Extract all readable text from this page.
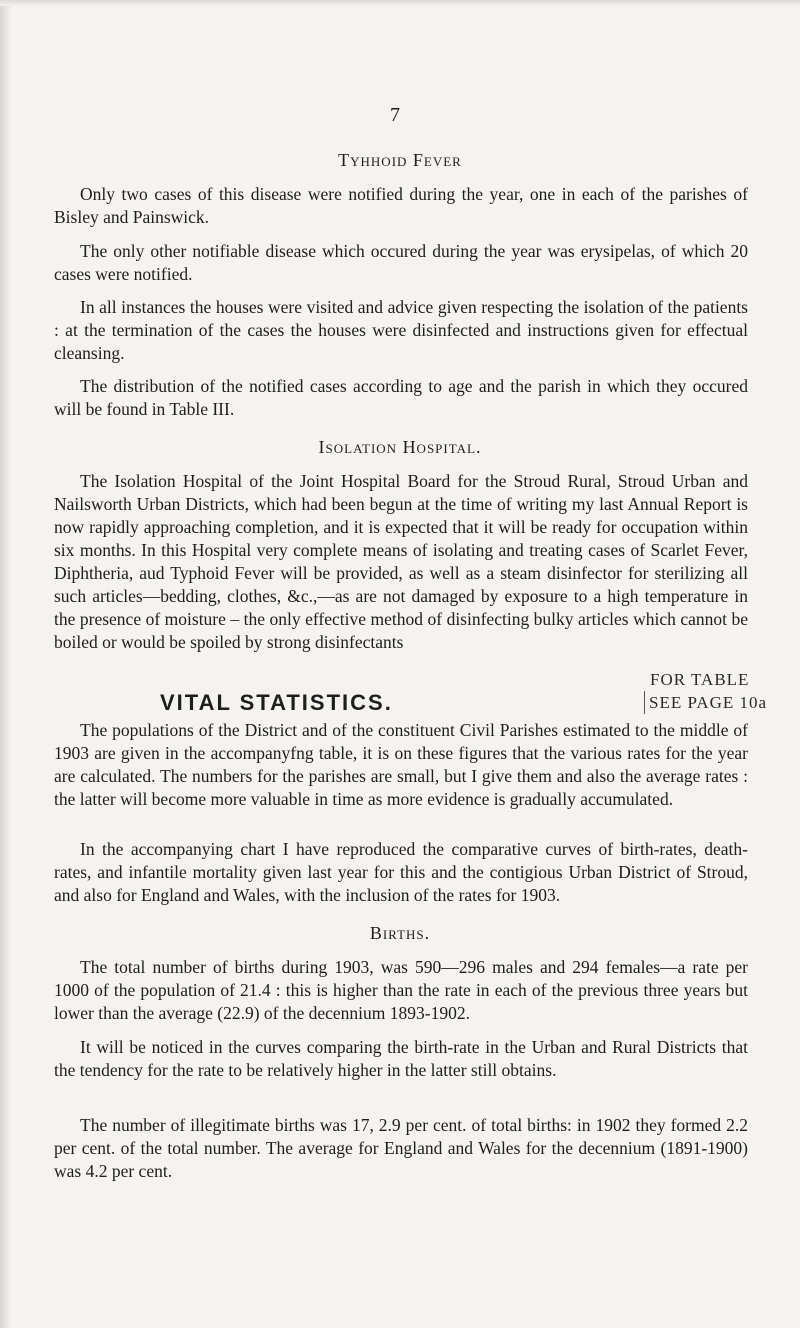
7
Tyhhoid Fever

Only two cases of this disease were notified during the year, one in each of the parishes of Bisley and Painswick.

The only other notifiable disease which occured during the year was erysipelas, of which 20 cases were notified.

In all instances the houses were visited and advice given respecting the isolation of the patients : at the termination of the cases the houses were disinfected and instructions given for effectual cleansing.

The distribution of the notified cases according to age and the parish in which they occured will be found in Table III.

Isolation Hospital.

The Isolation Hospital of the Joint Hospital Board for the Stroud Rural, Stroud Urban and Nailsworth Urban Districts, which had been begun at the time of writing my last Annual Report is now rapidly approaching completion, and it is expected that it will be ready for occupation within six months. In this Hospital very complete means of isolating and treating cases of Scarlet Fever, Diphtheria, aud Typhoid Fever will be provided, as well as a steam disinfector for sterilizing all such articles—bedding, clothes, &c.,—as are not damaged by exposure to a high temperature in the presence of moisture – the only effective method of disinfecting bulky articles which cannot be boiled or would be spoiled by strong disinfectants

VITAL STATISTICS.
FOR TABLE
SEE PAGE 10a

The populations of the District and of the constituent Civil Parishes estimated to the middle of 1903 are given in the accompanyfng table, it is on these figures that the various rates for the year are calculated. The numbers for the parishes are small, but I give them and also the average rates : the latter will become more valuable in time as more evidence is gradually accumulated.

In the accompanying chart I have reproduced the comparative curves of birth-rates, death-rates, and infantile mortality given last year for this and the contigious Urban District of Stroud, and also for England and Wales, with the inclusion of the rates for 1903.

Births.

The total number of births during 1903, was 590—296 males and 294 females—a rate per 1000 of the population of 21.4 : this is higher than the rate in each of the previous three years but lower than the average (22.9) of the decennium 1893-1902.

It will be noticed in the curves comparing the birth-rate in the Urban and Rural Districts that the tendency for the rate to be relatively higher in the latter still obtains.

The number of illegitimate births was 17, 2.9 per cent. of total births: in 1902 they formed 2.2 per cent. of the total number. The average for England and Wales for the decennium (1891-1900) was 4.2 per cent.
